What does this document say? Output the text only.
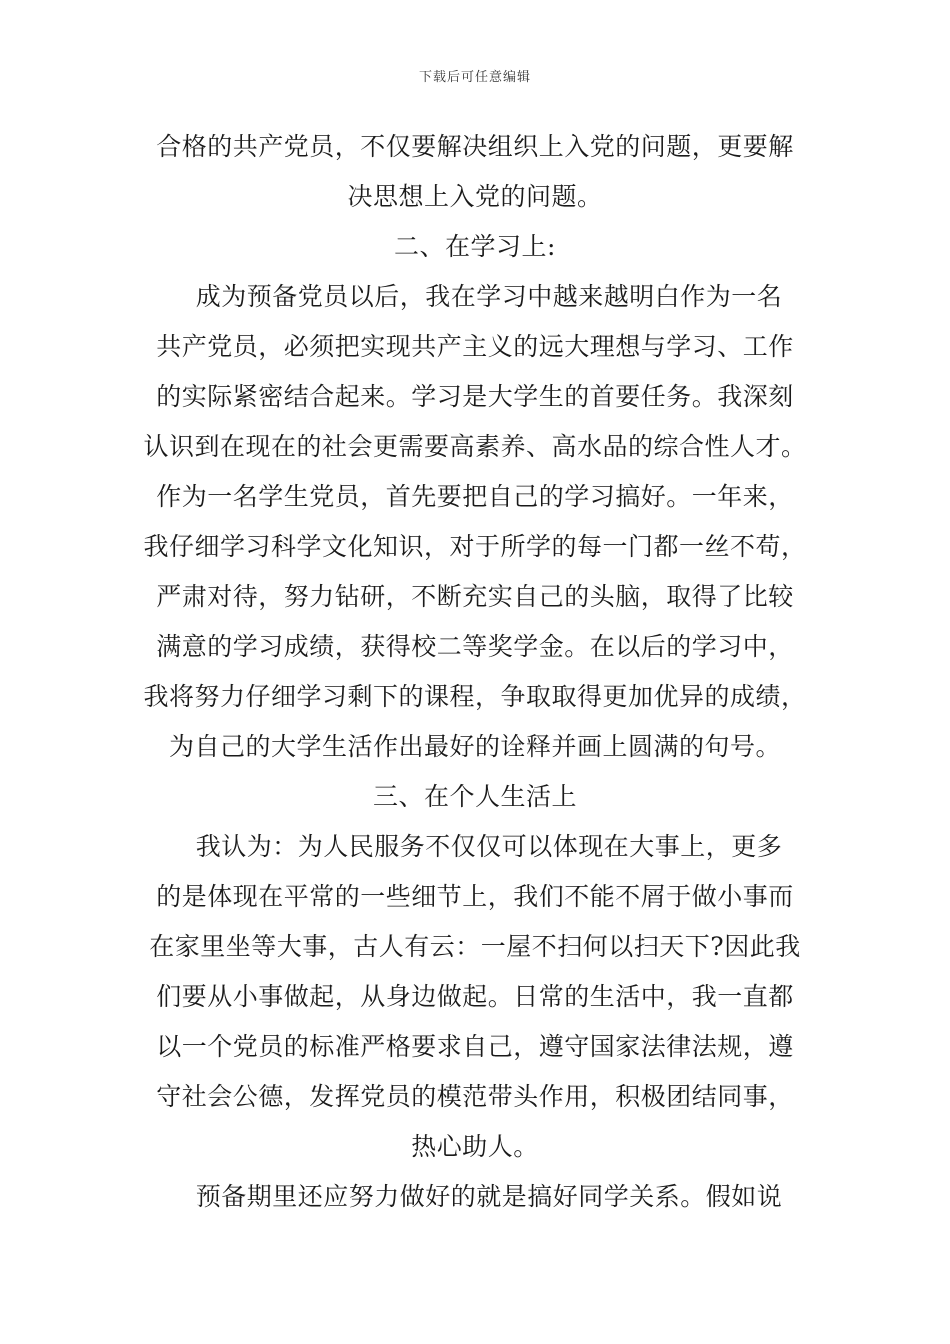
下载后可任意编辑
合格的共产党员，不仅要解决组织上入党的问题，更要解
决思想上入党的问题。
二、在学习上:
成为预备党员以后，我在学习中越来越明白作为一名
共产党员，必须把实现共产主义的远大理想与学习、工作
的实际紧密结合起来。学习是大学生的首要任务。我深刻
认识到在现在的社会更需要高素养、高水品的综合性人才。
作为一名学生党员，首先要把自己的学习搞好。一年来，
我仔细学习科学文化知识，对于所学的每一门都一丝不苟，
严肃对待，努力钻研，不断充实自己的头脑，取得了比较
满意的学习成绩，获得校二等奖学金。在以后的学习中，
我将努力仔细学习剩下的课程，争取取得更加优异的成绩，
为自己的大学生活作出最好的诠释并画上圆满的句号。
三、在个人生活上
我认为：为人民服务不仅仅可以体现在大事上，更多
的是体现在平常的一些细节上，我们不能不屑于做小事而
在家里坐等大事，古人有云：一屋不扫何以扫天下?因此我
们要从小事做起，从身边做起。日常的生活中，我一直都
以一个党员的标准严格要求自己，遵守国家法律法规，遵
守社会公德，发挥党员的模范带头作用，积极团结同事，
热心助人。
预备期里还应努力做好的就是搞好同学关系。假如说
